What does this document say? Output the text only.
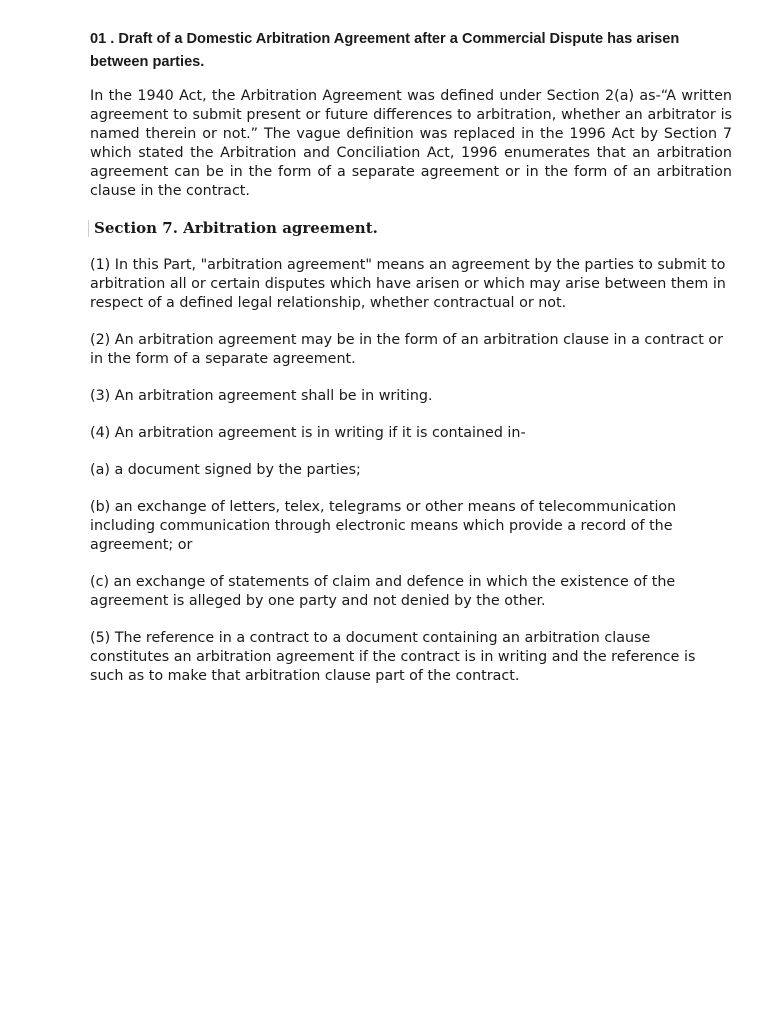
01 . Draft of a Domestic Arbitration Agreement after a Commercial Dispute has arisen between parties.

In the 1940 Act, the Arbitration Agreement was defined under Section 2(a) as-“A written agreement to submit present or future differences to arbitration, whether an arbitrator is named therein or not.” The vague definition was replaced in the 1996 Act by Section 7 which stated the Arbitration and Conciliation Act, 1996 enumerates that an arbitration agreement can be in the form of a separate agreement or in the form of an arbitration clause in the contract.

Section 7. Arbitration agreement.

(1) In this Part, "arbitration agreement" means an agreement by the parties to submit to arbitration all or certain disputes which have arisen or which may arise between them in respect of a defined legal relationship, whether contractual or not.

(2) An arbitration agreement may be in the form of an arbitration clause in a contract or in the form of a separate agreement.

(3) An arbitration agreement shall be in writing.

(4) An arbitration agreement is in writing if it is contained in-

(a) a document signed by the parties;

(b) an exchange of letters, telex, telegrams or other means of telecommunication including communication through electronic means which provide a record of the agreement; or

(c) an exchange of statements of claim and defence in which the existence of the agreement is alleged by one party and not denied by the other.

(5) The reference in a contract to a document containing an arbitration clause constitutes an arbitration agreement if the contract is in writing and the reference is such as to make that arbitration clause part of the contract.
